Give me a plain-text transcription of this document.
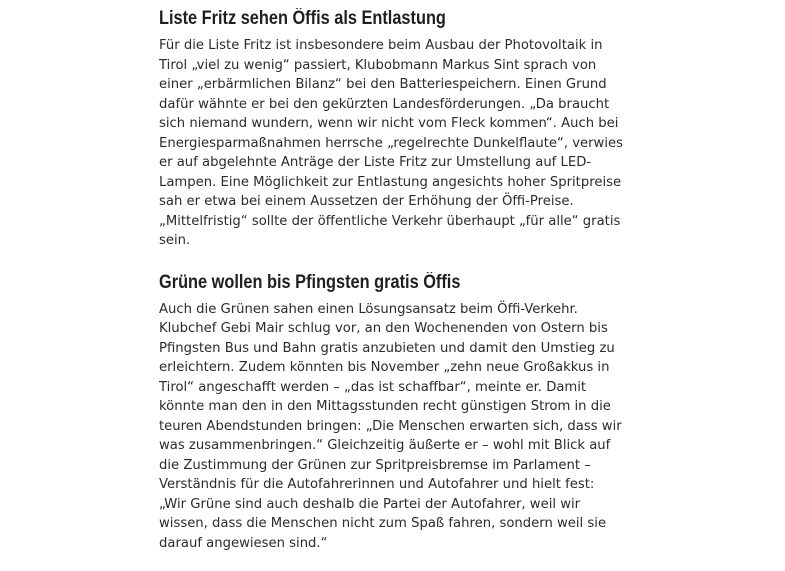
Liste Fritz sehen Öffis als Entlastung

Für die Liste Fritz ist insbesondere beim Ausbau der Photovoltaik in
Tirol „viel zu wenig“ passiert, Klubobmann Markus Sint sprach von
einer „erbärmlichen Bilanz“ bei den Batteriespeichern. Einen Grund
dafür wähnte er bei den gekürzten Landesförderungen. „Da braucht
sich niemand wundern, wenn wir nicht vom Fleck kommen“. Auch bei
Energiesparmaßnahmen herrsche „regelrechte Dunkelflaute“, verwies
er auf abgelehnte Anträge der Liste Fritz zur Umstellung auf LED-
Lampen. Eine Möglichkeit zur Entlastung angesichts hoher Spritpreise
sah er etwa bei einem Aussetzen der Erhöhung der Öffi-Preise.
„Mittelfristig“ sollte der öffentliche Verkehr überhaupt „für alle“ gratis
sein.

Grüne wollen bis Pfingsten gratis Öffis

Auch die Grünen sahen einen Lösungsansatz beim Öffi-Verkehr.
Klubchef Gebi Mair schlug vor, an den Wochenenden von Ostern bis
Pfingsten Bus und Bahn gratis anzubieten und damit den Umstieg zu
erleichtern. Zudem könnten bis November „zehn neue Großakkus in
Tirol“ angeschafft werden – „das ist schaffbar“, meinte er. Damit
könnte man den in den Mittagsstunden recht günstigen Strom in die
teuren Abendstunden bringen: „Die Menschen erwarten sich, dass wir
was zusammenbringen.“ Gleichzeitig äußerte er – wohl mit Blick auf
die Zustimmung der Grünen zur Spritpreisbremse im Parlament –
Verständnis für die Autofahrerinnen und Autofahrer und hielt fest:
„Wir Grüne sind auch deshalb die Partei der Autofahrer, weil wir
wissen, dass die Menschen nicht zum Spaß fahren, sondern weil sie
darauf angewiesen sind.“
